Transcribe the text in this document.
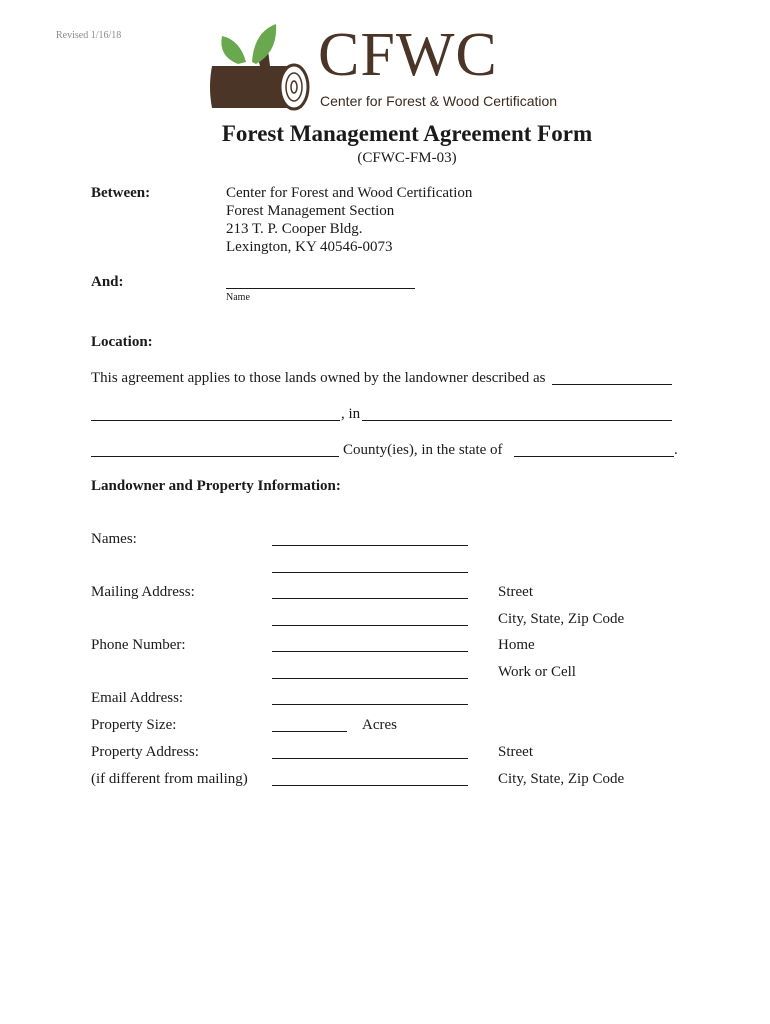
Revised 1/16/18	CFWC
Center for Forest & Wood Certification
Forest Management Agreement Form
(CFWC-FM-03)
Between:	Center for Forest and Wood Certification
Forest Management Section
213 T. P. Cooper Bldg.
Lexington, KY 40546-0073
And:
Name
Location:
This agreement applies to those lands owned by the landowner described as
, in
County(ies), in the state of	.
Landowner and Property Information:
Names:
Mailing Address:	Street
City, State, Zip Code
Phone Number:	Home
Work or Cell
Email Address:
Property Size:	Acres
Property Address:	Street
(if different from mailing)	City, State, Zip Code
